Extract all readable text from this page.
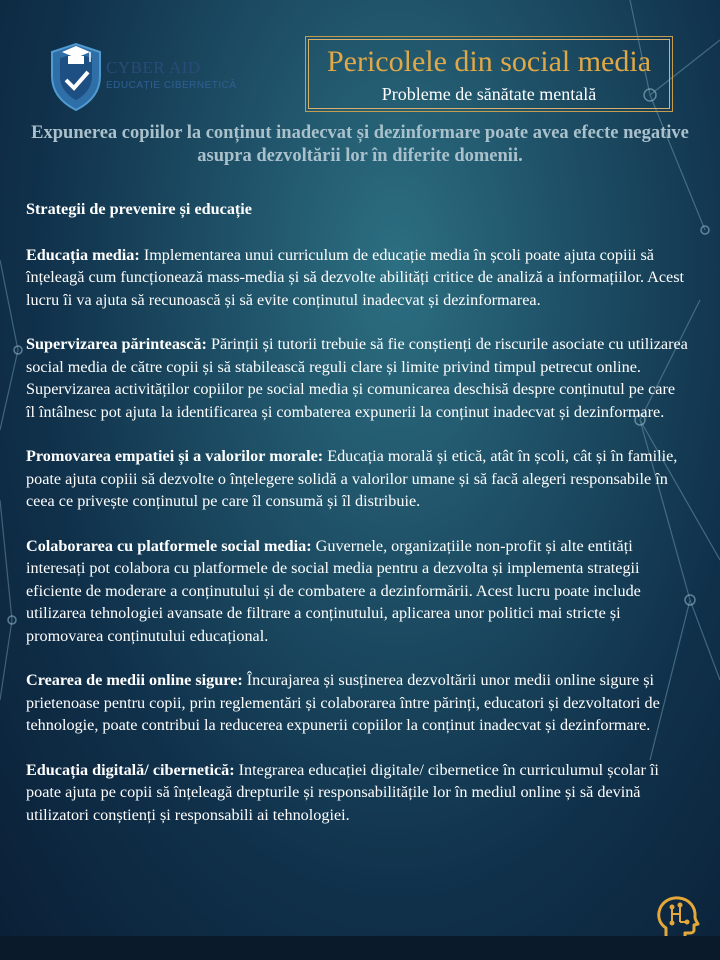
CYBER AID
EDUCAȚIE CIBERNETICĂ
Pericolele din social media
Probleme de sănătate mentală
Expunerea copiilor la conținut inadecvat și dezinformare poate avea efecte negative asupra dezvoltării lor în diferite domenii.
Strategii de prevenire și educație

Educația media: Implementarea unui curriculum de educație media în școli poate ajuta copiii să înțeleagă cum funcționează mass-media și să dezvolte abilități critice de analiză a informațiilor. Acest lucru îi va ajuta să recunoască și să evite conținutul inadecvat și dezinformarea.

Supervizarea părintească: Părinții și tutorii trebuie să fie conștienți de riscurile asociate cu utilizarea social media de către copii și să stabilească reguli clare și limite privind timpul petrecut online. Supervizarea activităților copiilor pe social media și comunicarea deschisă despre conținutul pe care îl întâlnesc pot ajuta la identificarea și combaterea expunerii la conținut inadecvat și dezinformare.

Promovarea empatiei și a valorilor morale: Educația morală și etică, atât în școli, cât și în familie, poate ajuta copiii să dezvolte o înțelegere solidă a valorilor umane și să facă alegeri responsabile în ceea ce privește conținutul pe care îl consumă și îl distribuie.

Colaborarea cu platformele social media: Guvernele, organizațiile non-profit și alte entități interesați pot colabora cu platformele de social media pentru a dezvolta și implementa strategii eficiente de moderare a conținutului și de combatere a dezinformării. Acest lucru poate include utilizarea tehnologiei avansate de filtrare a conținutului, aplicarea unor politici mai stricte și promovarea conținutului educațional.

Crearea de medii online sigure: Încurajarea și susținerea dezvoltării unor medii online sigure și prietenoase pentru copii, prin reglementări și colaborarea între părinți, educatori și dezvoltatori de tehnologie, poate contribui la reducerea expunerii copiilor la conținut inadecvat și dezinformare.

Educația digitală/ cibernetică: Integrarea educației digitale/ cibernetice în curriculumul școlar îi poate ajuta pe copii să înțeleagă drepturile și responsabilitățile lor în mediul online și să devină utilizatori conștienți și responsabili ai tehnologiei.
